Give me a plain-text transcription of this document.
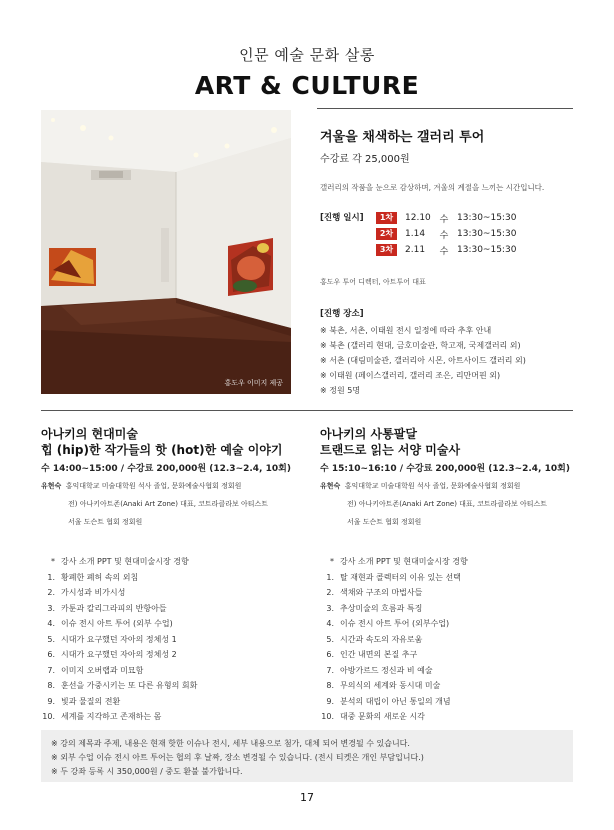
인문 예술 문화 살롱
ART & CULTURE
홍도우 이미지 제공
겨울을 채색하는 갤러리 투어
수강료 각 25,000원
갤러리의 작품을 눈으로 감상하며, 겨울의 계절을 느끼는 시간입니다.
[진행 일시]	1차	12.10 수 13:30~15:30
2차	1.14	수 13:30~15:30
3차	2.11	수 13:30~15:30
홍도우 투어 디렉터, 아트투어 대표
[진행 장소]
※ 북촌, 서촌, 이태원 전시 일정에 따라 추후 안내
※ 북촌 (갤러리 현대, 금호미술관, 학고재, 국제갤러리 외)
※ 서촌 (대림미술관, 갤러리아 시몬, 아트사이드 갤러리 외)
※ 이태원 (페이스갤러리, 갤러리 조은, 리만머핀 외)
※ 정원 5명
아나키의 현대미술
힙 (hip)한 작가들의 핫 (hot)한 예술 이야기
수 14:00~15:00 / 수강료 200,000원 (12.3~2.4, 10회)
유현숙 홍익대학교 미술대학원 석사 졸업, 문화예술사협회 정회원
전) 아나키아트존(Anaki Art Zone) 대표, 코트라클라보 아티스트
서울 도슨트 협회 정회원
* 강사 소개 PPT 및 현대미술시장 경향
1. 황폐한 폐허 속의 외침
2. 가시성과 비가시성
3. 카툰과 칼리그라피의 반항아들
4. 이슈 전시 아트 투어 (외부 수업)
5. 시대가 요구했던 자아의 정체성 1
6. 시대가 요구했던 자아의 정체성 2
7. 이미지 오버랩과 미묘함
8. 훈선을 가중시키는 또 다른 유형의 회화
9. 빛과 물질의 전환
10. 세계를 지각하고 존재하는 몸
아나키의 사통팔달
트랜드로 읽는 서양 미술사
수 15:10~16:10 / 수강료 200,000원 (12.3~2.4, 10회)
유현숙 홍익대학교 미술대학원 석사 졸업, 문화예술사협회 정회원
전) 아나키아트존(Anaki Art Zone) 대표, 코트라클라보 아티스트
서울 도슨트 협회 정회원
* 강사 소개 PPT 및 현대미술시장 경향
1. 탈 재현과 콜렉터의 이유 있는 선택
2. 색채와 구조의 마법사들
3. 추상미술의 흐름과 특징
4. 이슈 전시 아트 투어 (외부수업)
5. 시간과 속도의 자유로움
6. 인간 내면의 본질 추구
7. 아방가르드 정신과 비 예술
8. 무의식의 세계와 동시대 미술
9. 분석의 대립이 아닌 통일의 개념
10. 대중 문화의 새로운 시각
※ 강의 제목과 주제, 내용은 현재 핫한 이슈나 전시, 세부 내용으로 첨가, 대체 되어 변경될 수 있습니다.
※ 외부 수업 이슈 전시 아트 투어는 협의 후 날짜, 장소 변경될 수 있습니다. (전시 티켓은 개인 부담입니다.)
※ 두 강좌 등록 시 350,000원 / 중도 환불 불가합니다.
17
